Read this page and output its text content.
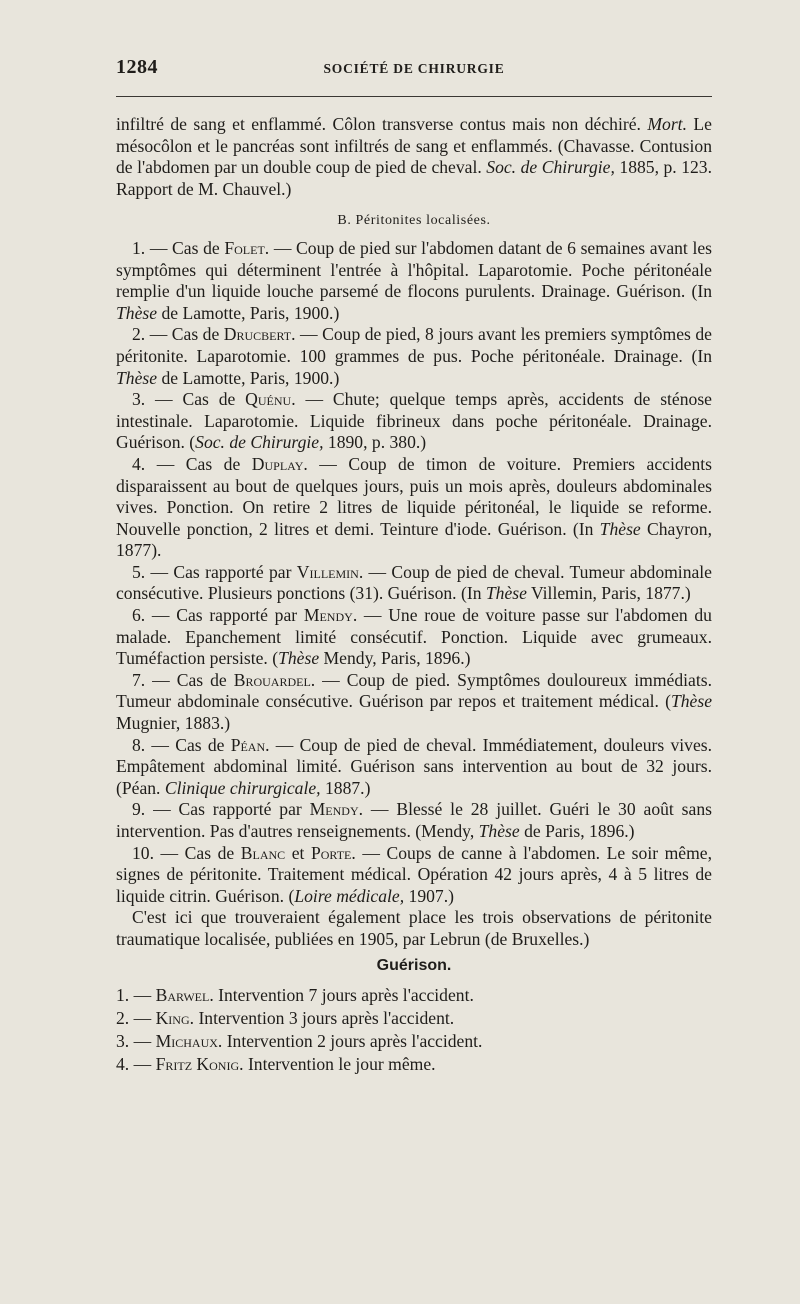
1284	SOCIÉTÉ DE CHIRURGIE

infiltré de sang et enflammé. Côlon transverse contus mais non déchiré. Mort. Le mésocôlon et le pancréas sont infiltrés de sang et enflammés. (Chavasse. Contusion de l'abdomen par un double coup de pied de cheval. Soc. de Chirurgie, 1885, p. 123. Rapport de M. Chauvel.)

B. Péritonites localisées.

1. — Cas de Folet. — Coup de pied sur l'abdomen datant de 6 semaines avant les symptômes qui déterminent l'entrée à l'hôpital. Laparotomie. Poche péritonéale remplie d'un liquide louche parsemé de flocons purulents. Drainage. Guérison. (In Thèse de Lamotte, Paris, 1900.)

2. — Cas de Drucbert. — Coup de pied, 8 jours avant les premiers symptômes de péritonite. Laparotomie. 100 grammes de pus. Poche péritonéale. Drainage. (In Thèse de Lamotte, Paris, 1900.)

3. — Cas de Quénu. — Chute; quelque temps après, accidents de sténose intestinale. Laparotomie. Liquide fibrineux dans poche péritonéale. Drainage. Guérison. (Soc. de Chirurgie, 1890, p. 380.)

4. — Cas de Duplay. — Coup de timon de voiture. Premiers accidents disparaissent au bout de quelques jours, puis un mois après, douleurs abdominales vives. Ponction. On retire 2 litres de liquide péritonéal, le liquide se reforme. Nouvelle ponction, 2 litres et demi. Teinture d'iode. Guérison. (In Thèse Chayron, 1877).

5. — Cas rapporté par Villemin. — Coup de pied de cheval. Tumeur abdominale consécutive. Plusieurs ponctions (31). Guérison. (In Thèse Villemin, Paris, 1877.)

6. — Cas rapporté par Mendy. — Une roue de voiture passe sur l'abdomen du malade. Epanchement limité consécutif. Ponction. Liquide avec grumeaux. Tuméfaction persiste. (Thèse Mendy, Paris, 1896.)

7. — Cas de Brouardel. — Coup de pied. Symptômes douloureux immédiats. Tumeur abdominale consécutive. Guérison par repos et traitement médical. (Thèse Mugnier, 1883.)

8. — Cas de Péan. — Coup de pied de cheval. Immédiatement, douleurs vives. Empâtement abdominal limité. Guérison sans intervention au bout de 32 jours. (Péan. Clinique chirurgicale, 1887.)

9. — Cas rapporté par Mendy. — Blessé le 28 juillet. Guéri le 30 août sans intervention. Pas d'autres renseignements. (Mendy, Thèse de Paris, 1896.)

10. — Cas de Blanc et Porte. — Coups de canne à l'abdomen. Le soir même, signes de péritonite. Traitement médical. Opération 42 jours après, 4 à 5 litres de liquide citrin. Guérison. (Loire médicale, 1907.)

C'est ici que trouveraient également place les trois observations de péritonite traumatique localisée, publiées en 1905, par Lebrun (de Bruxelles.)

Guérison.

1. — Barwel. Intervention 7 jours après l'accident.
2. — King. Intervention 3 jours après l'accident.
3. — Michaux. Intervention 2 jours après l'accident.
4. — Fritz Konig. Intervention le jour même.
